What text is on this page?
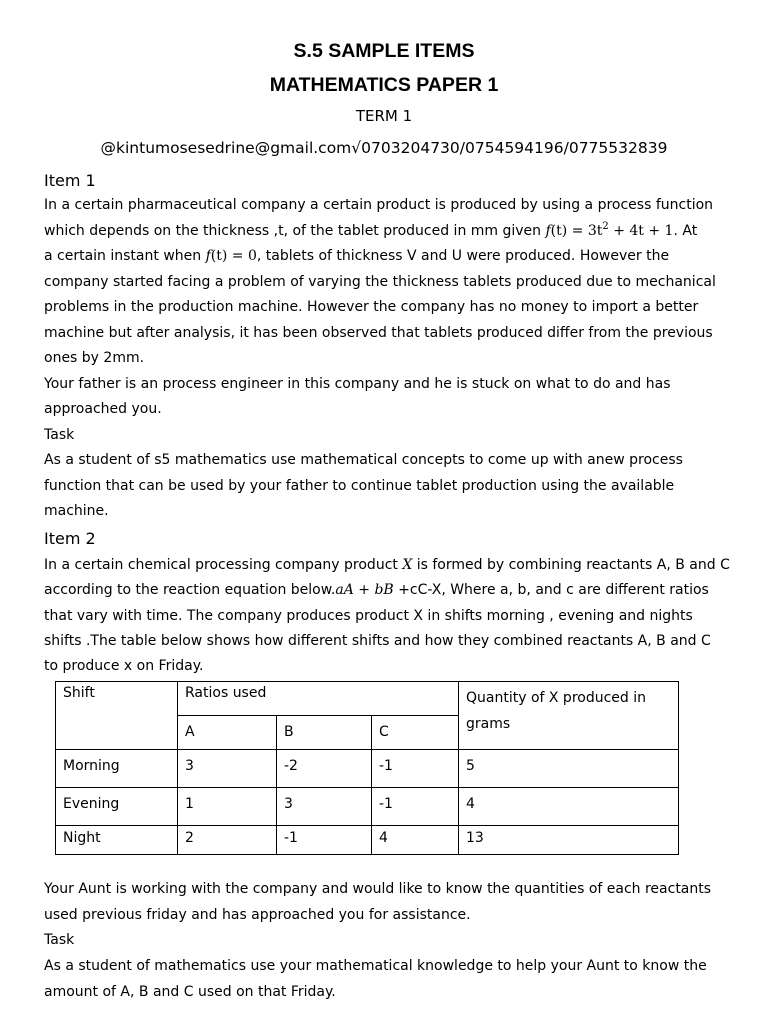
S.5 SAMPLE ITEMS
MATHEMATICS PAPER 1
TERM 1
@kintumosesedrine@gmail.com√0703204730/0754594196/0775532839
Item 1
In a certain pharmaceutical company a certain product is produced by using a process function
which depends on the thickness ,t, of the tablet produced in mm given $f(t) = 3t^2 + 4t + 1$. At
a certain instant when f(t) = 0, tablets of thickness V and U were produced. However the
company started facing a problem of varying the thickness tablets produced due to mechanical
problems in the production machine. However the company has no money to import a better
machine but after analysis, it has been observed that tablets produced differ from the previous
ones by 2mm.
Your father is an process engineer in this company and he is stuck on what to do and has
approached you.
Task
As a student of s5 mathematics use mathematical concepts to come up with anew process
function that can be used by your father to continue tablet production using the available
machine.
Item 2
In a certain chemical processing company product X is formed by combining reactants A, B and C
according to the reaction equation below.aA + bB +cC-X, Where a, b, and c are different ratios
that vary with time. The company produces product X in shifts morning , evening and nights
shifts .The table below shows how different shifts and how they combined reactants A, B and C
to produce x on Friday.
Shift	Ratios used			Quantity of X produced in
grams
	A	B	C	
Morning	3	-2	-1	5
Evening	1	3	-1	4
Night	2	-1	4	13
Your Aunt is working with the company and would like to know the quantities of each reactants
used previous friday and has approached you for assistance.
Task
As a student of mathematics use your mathematical knowledge to help your Aunt to know the
amount of A, B and C used on that Friday.
